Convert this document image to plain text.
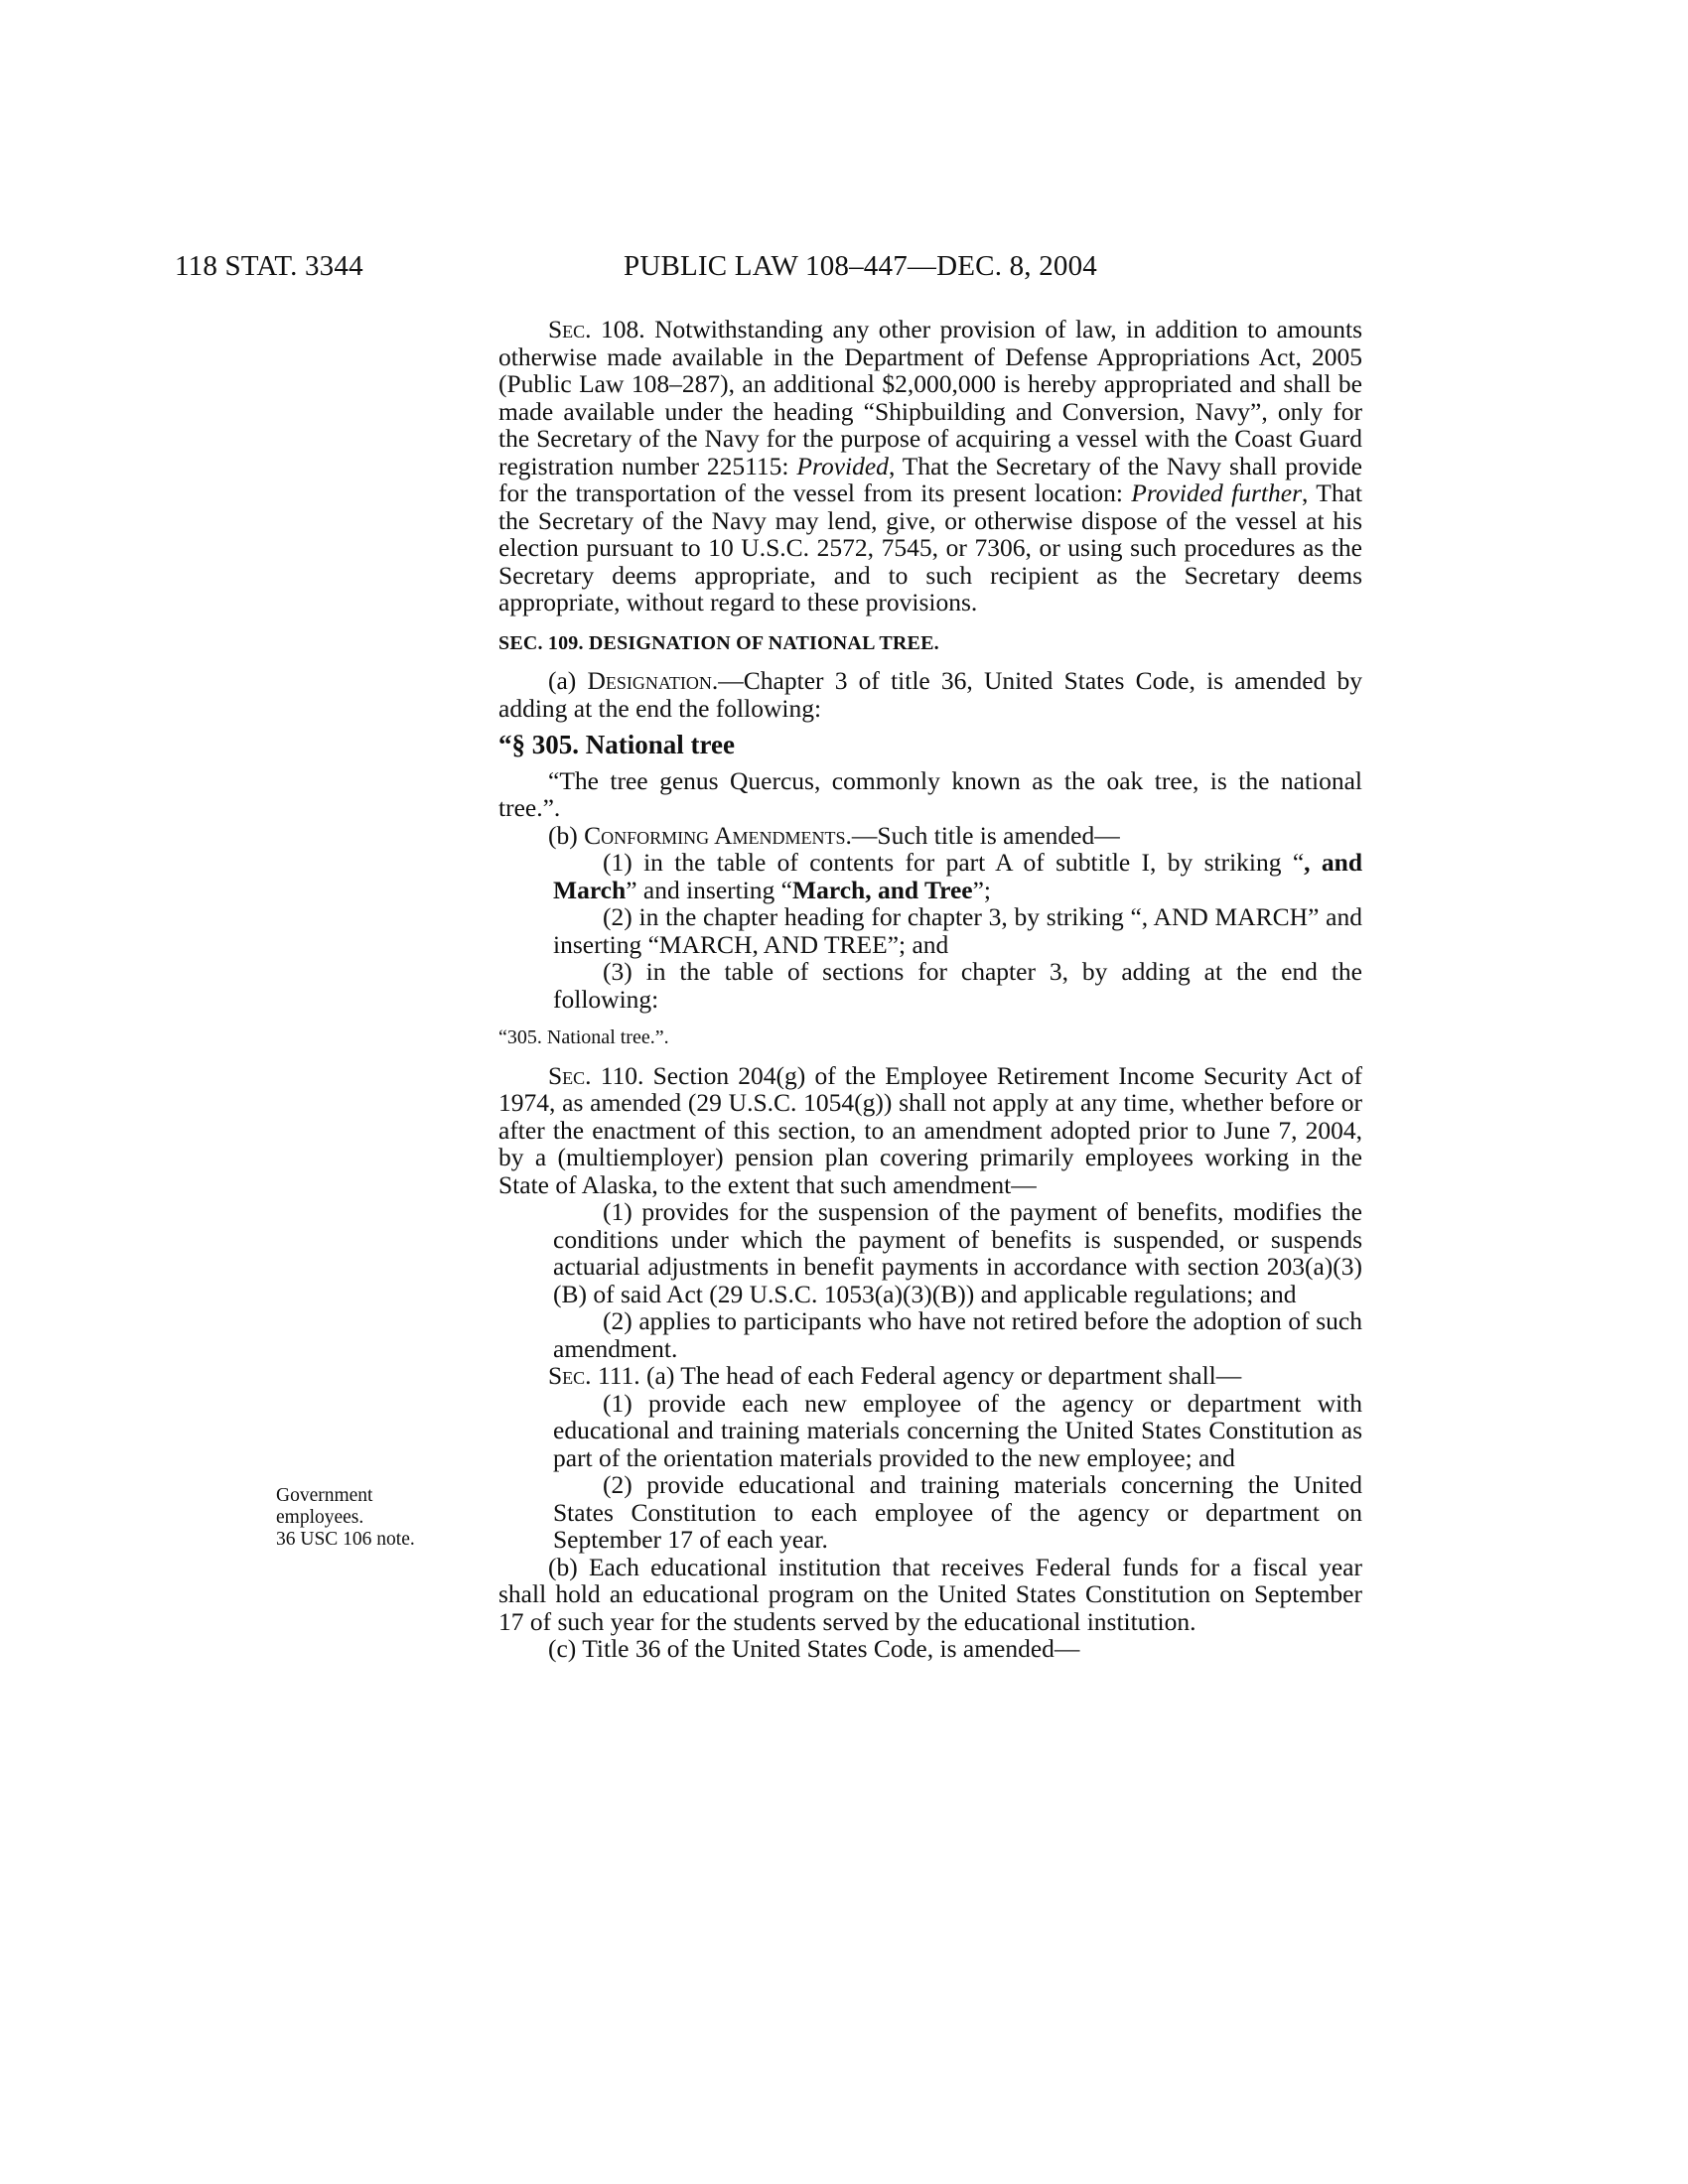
118 STAT. 3344	PUBLIC LAW 108–447—DEC. 8, 2004
Government
employees.
36 USC 106 note.

Sec. 108. Notwithstanding any other provision of law, in addition to amounts otherwise made available in the Department of Defense Appropriations Act, 2005 (Public Law 108–287), an additional $2,000,000 is hereby appropriated and shall be made available under the heading “Shipbuilding and Conversion, Navy”, only for the Secretary of the Navy for the purpose of acquiring a vessel with the Coast Guard registration number 225115: Provided, That the Secretary of the Navy shall provide for the transportation of the vessel from its present location: Provided further, That the Secretary of the Navy may lend, give, or otherwise dispose of the vessel at his election pursuant to 10 U.S.C. 2572, 7545, or 7306, or using such procedures as the Secretary deems appropriate, and to such recipient as the Secretary deems appropriate, without regard to these provisions.

SEC. 109. DESIGNATION OF NATIONAL TREE.

(a) Designation.—Chapter 3 of title 36, United States Code, is amended by adding at the end the following:

“§ 305. National tree

“The tree genus Quercus, commonly known as the oak tree, is the national tree.”.

(b) Conforming Amendments.—Such title is amended—

(1) in the table of contents for part A of subtitle I, by striking “, and March” and inserting “March, and Tree”;

(2) in the chapter heading for chapter 3, by striking “, AND MARCH” and inserting “MARCH, AND TREE”; and

(3) in the table of sections for chapter 3, by adding at the end the following:

“305. National tree.”.

Sec. 110. Section 204(g) of the Employee Retirement Income Security Act of 1974, as amended (29 U.S.C. 1054(g)) shall not apply at any time, whether before or after the enactment of this section, to an amendment adopted prior to June 7, 2004, by a (multiemployer) pension plan covering primarily employees working in the State of Alaska, to the extent that such amendment—

(1) provides for the suspension of the payment of benefits, modifies the conditions under which the payment of benefits is suspended, or suspends actuarial adjustments in benefit payments in accordance with section 203(a)(3)(B) of said Act (29 U.S.C. 1053(a)(3)(B)) and applicable regulations; and

(2) applies to participants who have not retired before the adoption of such amendment.

Sec. 111. (a) The head of each Federal agency or department shall—

(1) provide each new employee of the agency or department with educational and training materials concerning the United States Constitution as part of the orientation materials provided to the new employee; and

(2) provide educational and training materials concerning the United States Constitution to each employee of the agency or department on September 17 of each year.

(b) Each educational institution that receives Federal funds for a fiscal year shall hold an educational program on the United States Constitution on September 17 of such year for the students served by the educational institution.

(c) Title 36 of the United States Code, is amended—
